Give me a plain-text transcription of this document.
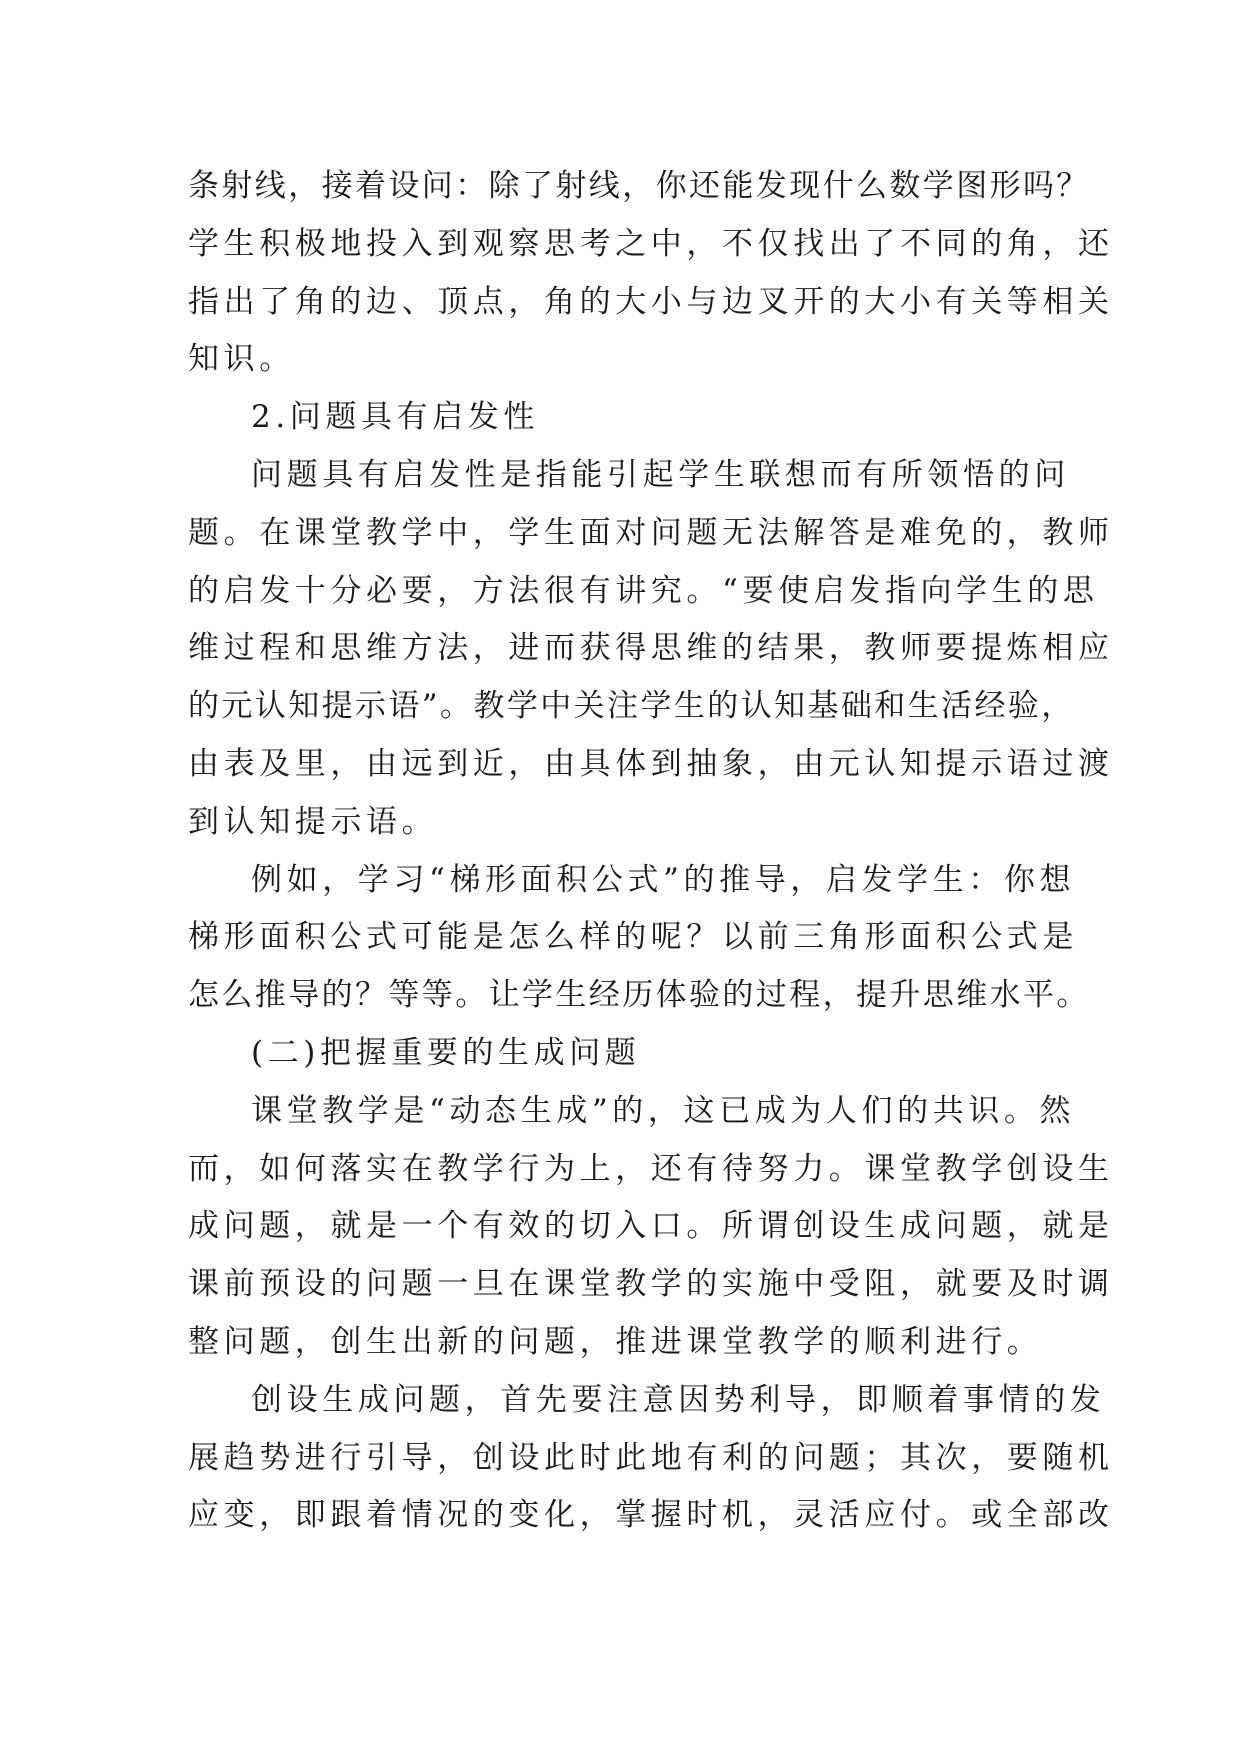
条射线，接着设问：除了射线，你还能发现什么数学图形吗？
学生积极地投入到观察思考之中，不仅找出了不同的角，还
指出了角的边、顶点，角的大小与边叉开的大小有关等相关
知识。
2.问题具有启发性
问题具有启发性是指能引起学生联想而有所领悟的问
题。在课堂教学中，学生面对问题无法解答是难免的，教师
的启发十分必要，方法很有讲究。“要使启发指向学生的思
维过程和思维方法，进而获得思维的结果，教师要提炼相应
的元认知提示语”。教学中关注学生的认知基础和生活经验，
由表及里，由远到近，由具体到抽象，由元认知提示语过渡
到认知提示语。
例如，学习“梯形面积公式”的推导，启发学生：你想
梯形面积公式可能是怎么样的呢？以前三角形面积公式是
怎么推导的？等等。让学生经历体验的过程，提升思维水平。
(二)把握重要的生成问题
课堂教学是“动态生成”的，这已成为人们的共识。然
而，如何落实在教学行为上，还有待努力。课堂教学创设生
成问题，就是一个有效的切入口。所谓创设生成问题，就是
课前预设的问题一旦在课堂教学的实施中受阻，就要及时调
整问题，创生出新的问题，推进课堂教学的顺利进行。
创设生成问题，首先要注意因势利导，即顺着事情的发
展趋势进行引导，创设此时此地有利的问题；其次，要随机
应变，即跟着情况的变化，掌握时机，灵活应付。或全部改
